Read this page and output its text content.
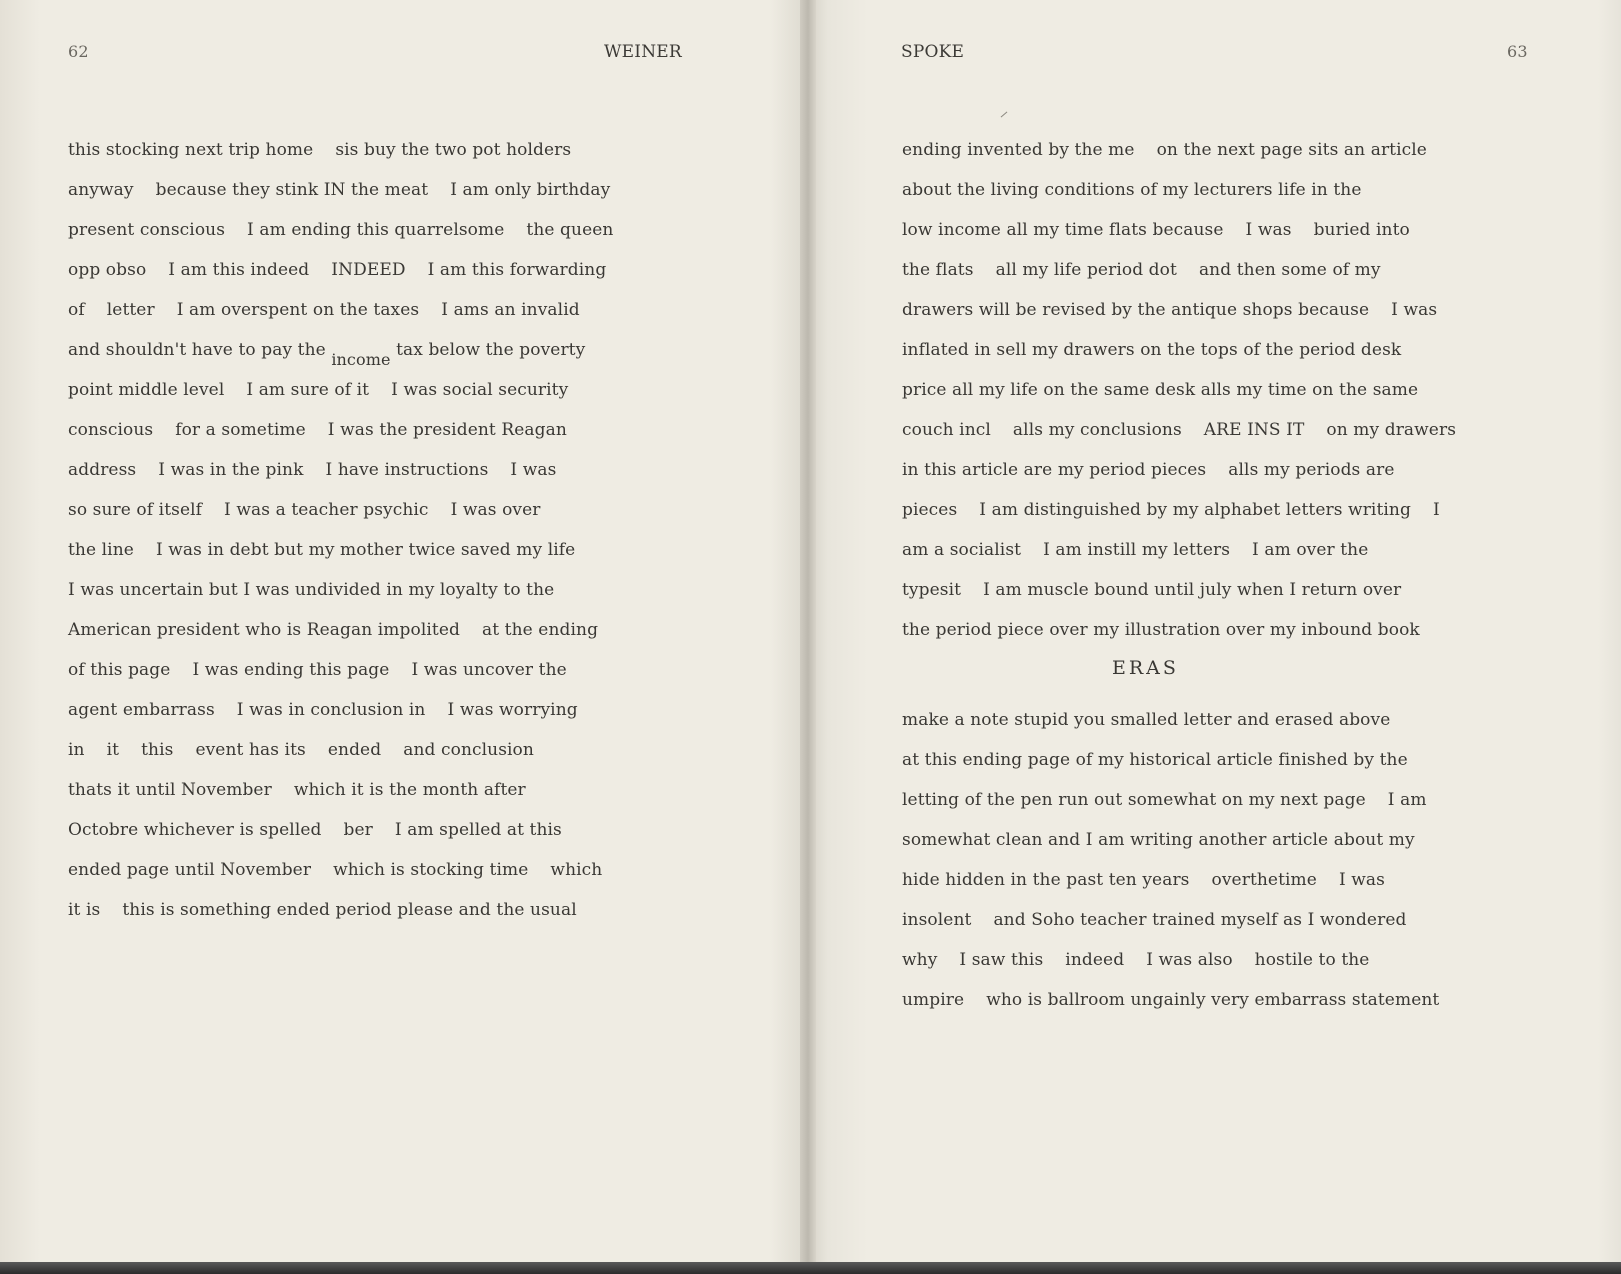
62	WEINER
this stocking next trip home    sis buy the two pot holders
anyway    because they stink IN the meat    I am only birthday
present conscious    I am ending this quarrelsome    the queen
opp obso    I am this indeed    INDEED    I am this forwarding
of    letter    I am overspent on the taxes    I ams an invalid
and shouldn't have to pay the income tax below the poverty
point middle level    I am sure of it    I was social security
conscious    for a sometime    I was the president Reagan
address    I was in the pink    I have instructions    I was
so sure of itself    I was a teacher psychic    I was over
the line    I was in debt but my mother twice saved my life
I was uncertain but I was undivided in my loyalty to the
American president who is Reagan impolited    at the ending
of this page    I was ending this page    I was uncover the
agent embarrass    I was in conclusion in    I was worrying
in    it    this    event has its    ended    and conclusion
thats it until November    which it is the month after
Octobre whichever is spelled    ber    I am spelled at this
ended page until November    which is stocking time    which
it is    this is something ended period please and the usual
SPOKE	63
ending invented by the me    on the next page sits an article
about the living conditions of my lecturers life in the
low income all my time flats because    I was    buried into
the flats    all my life period dot    and then some of my
drawers will be revised by the antique shops because    I was
inflated in sell my drawers on the tops of the period desk
price all my life on the same desk alls my time on the same
couch incl    alls my conclusions    ARE INS IT    on my drawers
in this article are my period pieces    alls my periods are
pieces    I am distinguished by my alphabet letters writing    I
am a socialist    I am instill my letters    I am over the
typesit    I am muscle bound until july when I return over
the period piece over my illustration over my inbound book
ERAS
make a note stupid you smalled letter and erased above
at this ending page of my historical article finished by the
letting of the pen run out somewhat on my next page    I am
somewhat clean and I am writing another article about my
hide hidden in the past ten years    overthetime    I was
insolent    and Soho teacher trained myself as I wondered
why    I saw this    indeed    I was also    hostile to the
umpire    who is ballroom ungainly very embarrass statement
